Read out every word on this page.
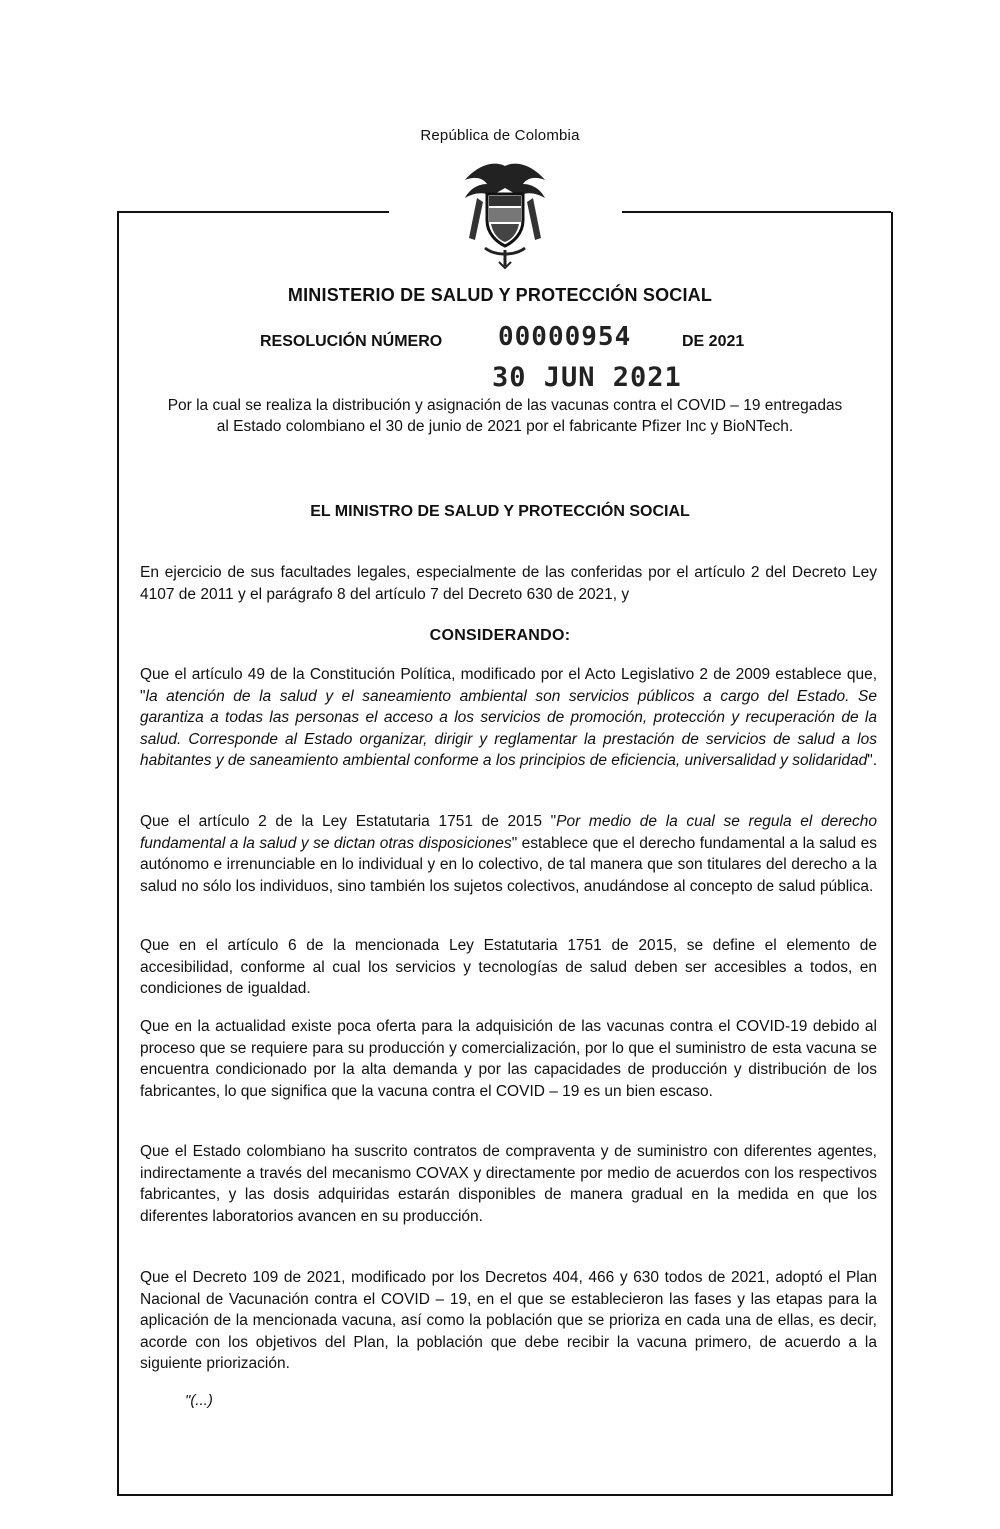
República de Colombia
MINISTERIO DE SALUD Y PROTECCIÓN SOCIAL
RESOLUCIÓN NÚMERO 00000954	DE 2021
30 JUN 2021
Por la cual se realiza la distribución y asignación de las vacunas contra el COVID – 19 entregadas al Estado colombiano el 30 de junio de 2021 por el fabricante Pfizer Inc y BioNTech.
EL MINISTRO DE SALUD Y PROTECCIÓN SOCIAL
En ejercicio de sus facultades legales, especialmente de las conferidas por el artículo 2 del Decreto Ley 4107 de 2011 y el parágrafo 8 del artículo 7 del Decreto 630 de 2021, y
CONSIDERANDO:
Que el artículo 49 de la Constitución Política, modificado por el Acto Legislativo 2 de 2009 establece que, "la atención de la salud y el saneamiento ambiental son servicios públicos a cargo del Estado. Se garantiza a todas las personas el acceso a los servicios de promoción, protección y recuperación de la salud. Corresponde al Estado organizar, dirigir y reglamentar la prestación de servicios de salud a los habitantes y de saneamiento ambiental conforme a los principios de eficiencia, universalidad y solidaridad".
Que el artículo 2 de la Ley Estatutaria 1751 de 2015 "Por medio de la cual se regula el derecho fundamental a la salud y se dictan otras disposiciones" establece que el derecho fundamental a la salud es autónomo e irrenunciable en lo individual y en lo colectivo, de tal manera que son titulares del derecho a la salud no sólo los individuos, sino también los sujetos colectivos, anudándose al concepto de salud pública.
Que en el artículo 6 de la mencionada Ley Estatutaria 1751 de 2015, se define el elemento de accesibilidad, conforme al cual los servicios y tecnologías de salud deben ser accesibles a todos, en condiciones de igualdad.
Que en la actualidad existe poca oferta para la adquisición de las vacunas contra el COVID-19 debido al proceso que se requiere para su producción y comercialización, por lo que el suministro de esta vacuna se encuentra condicionado por la alta demanda y por las capacidades de producción y distribución de los fabricantes, lo que significa que la vacuna contra el COVID – 19 es un bien escaso.
Que el Estado colombiano ha suscrito contratos de compraventa y de suministro con diferentes agentes, indirectamente a través del mecanismo COVAX y directamente por medio de acuerdos con los respectivos fabricantes, y las dosis adquiridas estarán disponibles de manera gradual en la medida en que los diferentes laboratorios avancen en su producción.
Que el Decreto 109 de 2021, modificado por los Decretos 404, 466 y 630 todos de 2021, adoptó el Plan Nacional de Vacunación contra el COVID – 19, en el que se establecieron las fases y las etapas para la aplicación de la mencionada vacuna, así como la población que se prioriza en cada una de ellas, es decir, acorde con los objetivos del Plan, la población que debe recibir la vacuna primero, de acuerdo a la siguiente priorización.
"(...)
